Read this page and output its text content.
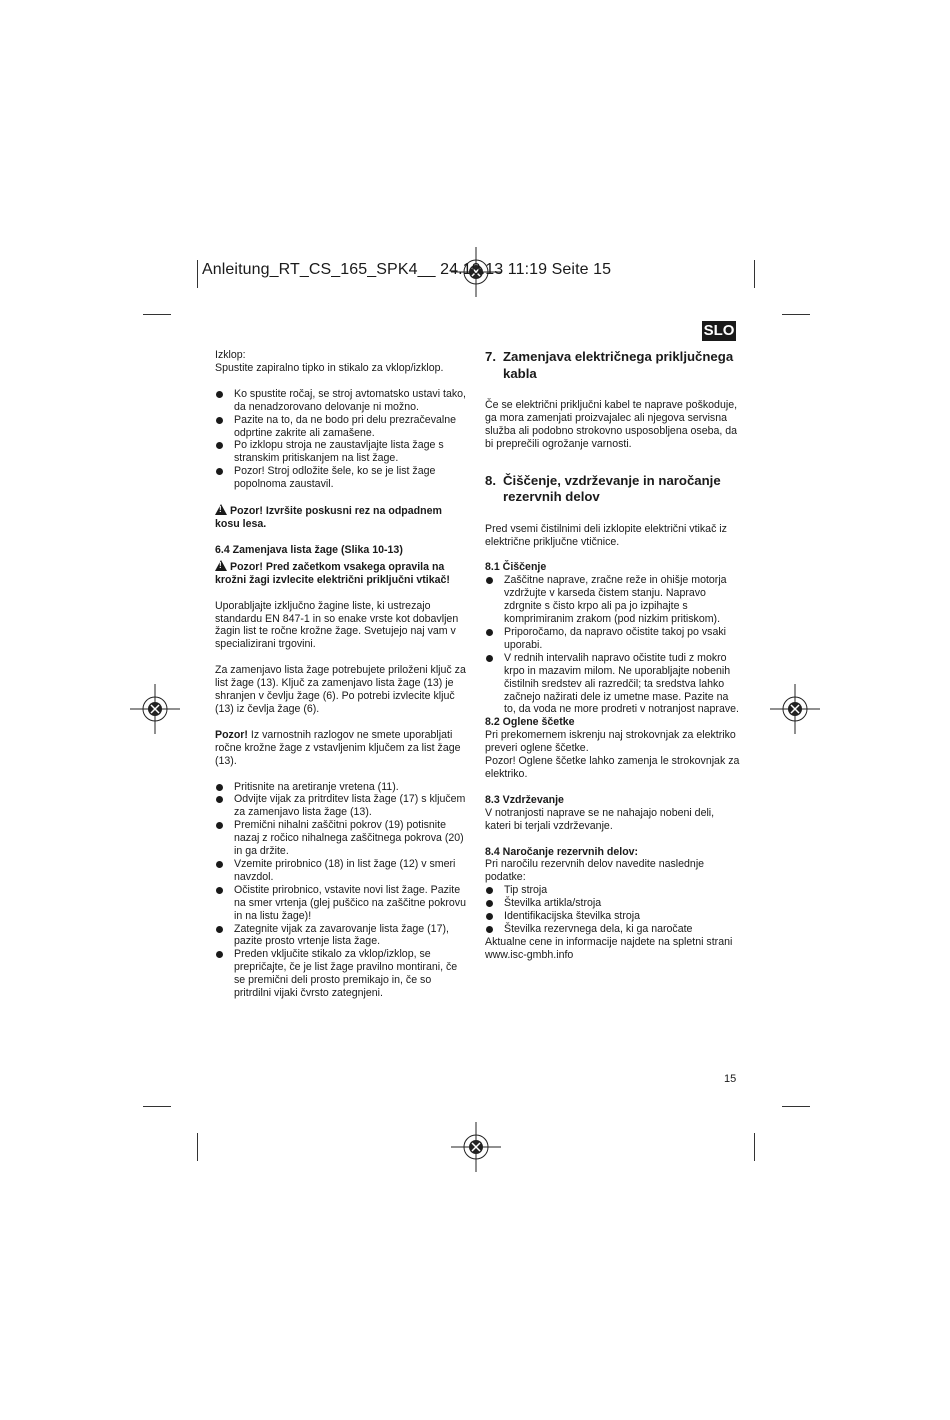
Anleitung_RT_CS_165_SPK4__ 24.10.13 11:19 Seite 15
SLO

Izklop:

Spustite zapiralno tipko in stikalo za vklop/izklop.

Ko spustite ročaj, se stroj avtomatsko ustavi tako, da nenadzorovano delovanje ni možno.
Pazite na to, da ne bodo pri delu prezračevalne odprtine zakrite ali zamašene.
Po izklopu stroja ne zaustavljajte lista žage s stranskim pritiskanjem na list žage.
Pozor! Stroj odložite šele, ko se je list žage popolnoma zaustavil.

!Pozor! Izvršite poskusni rez na odpadnem kosu lesa.

6.4 Zamenjava lista žage (Slika 10-13)

!Pozor! Pred začetkom vsakega opravila na krožni žagi izvlecite električni priključni vtikač!

Uporabljajte izključno žagine liste, ki ustrezajo standardu EN 847-1 in so enake vrste kot dobavljen žagin list te ročne krožne žage. Svetujejo naj vam v specializirani trgovini.

Za zamenjavo lista žage potrebujete priloženi ključ za list žage (13). Ključ za zamenjavo lista žage (13) je shranjen v čevlju žage (6). Po potrebi izvlecite ključ (13) iz čevlja žage (6).

Pozor! Iz varnostnih razlogov ne smete uporabljati ročne krožne žage z vstavljenim ključem za list žage (13).

Pritisnite na aretiranje vretena (11).
Odvijte vijak za pritrditev lista žage (17) s ključem za zamenjavo lista žage (13).
Premični nihalni zaščitni pokrov (19) potisnite nazaj z ročico nihalnega zaščitnega pokrova (20) in ga držite.
Vzemite prirobnico (18) in list žage (12) v smeri navzdol.
Očistite prirobnico, vstavite novi list žage. Pazite na smer vrtenja (glej puščico na zaščitne pokrovu in na listu žage)!
Zategnite vijak za zavarovanje lista žage (17), pazite prosto vrtenje lista žage.
Preden vključite stikalo za vklop/izklop, se prepričajte, če je list žage pravilno montirani, če se premični deli prosto premikajo in, če so pritrdilni vijaki čvrsto zategnjeni.

7. Zamenjava električnega priključnega kabla

Če se električni priključni kabel te naprave poškoduje, ga mora zamenjati proizvajalec ali njegova servisna služba ali podobno strokovno usposobljena oseba, da bi preprečili ogrožanje varnosti.

8. Čiščenje, vzdrževanje in naročanje rezervnih delov

Pred vsemi čistilnimi deli izklopite električni vtikač iz električne priključne vtičnice.

8.1 Čiščenje

Zaščitne naprave, zračne reže in ohišje motorja vzdržujte v karseda čistem stanju. Napravo zdrgnite s čisto krpo ali pa jo izpihajte s komprimiranim zrakom (pod nizkim pritiskom).
Priporočamo, da napravo očistite takoj po vsaki uporabi.
V rednih intervalih napravo očistite tudi z mokro krpo in mazavim milom. Ne uporabljajte nobenih čistilnih sredstev ali razredčil; ta sredstva lahko začnejo nažirati dele iz umetne mase. Pazite na to, da voda ne more prodreti v notranjost naprave.

8.2 Oglene ščetke

Pri prekomernem iskrenju naj strokovnjak za elektriko preveri oglene ščetke.

Pozor! Oglene ščetke lahko zamenja le strokovnjak za elektriko.

8.3 Vzdrževanje

V notranjosti naprave se ne nahajajo nobeni deli, kateri bi terjali vzdrževanje.

8.4 Naročanje rezervnih delov:

Pri naročilu rezervnih delov navedite naslednje podatke:

Tip stroja
Številka artikla/stroja
Identifikacijska številka stroja
Številka rezervnega dela, ki ga naročate

Aktualne cene in informacije najdete na spletni strani

www.isc-gmbh.info

15
